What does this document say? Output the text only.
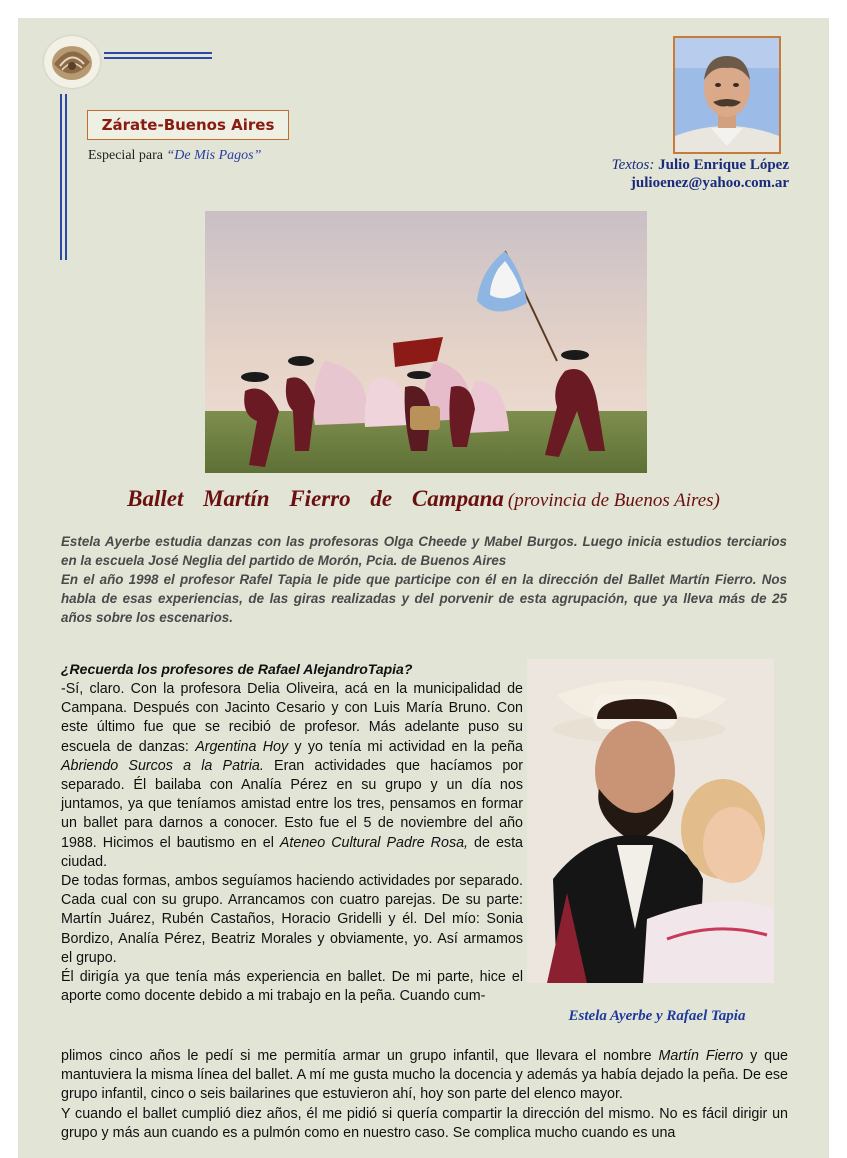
Zárate-Buenos Aires
Especial para “De Mis Pagos”
Textos: Julio Enrique López
julioenez@yahoo.com.ar
Ballet Martín Fierro de Campana (provincia de Buenos Aires)

Estela Ayerbe estudia danzas con las profesoras Olga Cheede y Mabel Burgos. Luego inicia estudios terciarios en la escuela José Neglia del partido de Morón, Pcia. de Buenos Aires

En el año 1998 el profesor Rafel Tapia le pide que participe con él en la dirección del Ballet Martín Fierro. Nos habla de esas experiencias, de las giras realizadas y del porvenir de esta agrupación, que ya lleva más de 25 años sobre los escenarios.

¿Recuerda los profesores de Rafael AlejandroTapia?

-Sí, claro. Con la profesora Delia Oliveira, acá en la municipalidad de Campana. Después con Jacinto Cesario y con Luis María Bruno. Con este último fue que se recibió de profesor. Más adelante puso su escuela de danzas: Argentina Hoy y yo tenía mi actividad en la peña Abriendo Surcos a la Patria. Eran actividades que hacíamos por separado. Él bailaba con Analía Pérez en su grupo y un día nos juntamos, ya que teníamos amistad entre los tres, pensamos en formar un ballet para darnos a conocer. Esto fue el 5 de noviembre del año 1988. Hicimos el bautismo en el Ateneo Cultural Padre Rosa, de esta ciudad.

De todas formas, ambos seguíamos haciendo actividades por separado. Cada cual con su grupo. Arrancamos con cuatro parejas. De su parte: Martín Juárez, Rubén Castaños, Horacio Gridelli y él. Del mío: Sonia Bordizo, Analía Pérez, Beatriz Morales y obviamente, yo. Así armamos el grupo.

Él dirigía ya que tenía más experiencia en ballet. De mi parte, hice el aporte como docente debido a mi trabajo en la peña. Cuando cum-

Estela Ayerbe y Rafael Tapia

plimos cinco años le pedí si me permitía armar un grupo infantil, que llevara el nombre Martín Fierro y que mantuviera la misma línea del ballet. A mí me gusta mucho la docencia y además ya había dejado la peña. De ese grupo infantil, cinco o seis bailarines que estuvieron ahí, hoy son parte del elenco mayor.

Y cuando el ballet cumplió diez años, él me pidió si quería compartir la dirección del mismo. No es fácil dirigir un grupo y más aun cuando es a pulmón como en nuestro caso. Se complica mucho cuando es una
